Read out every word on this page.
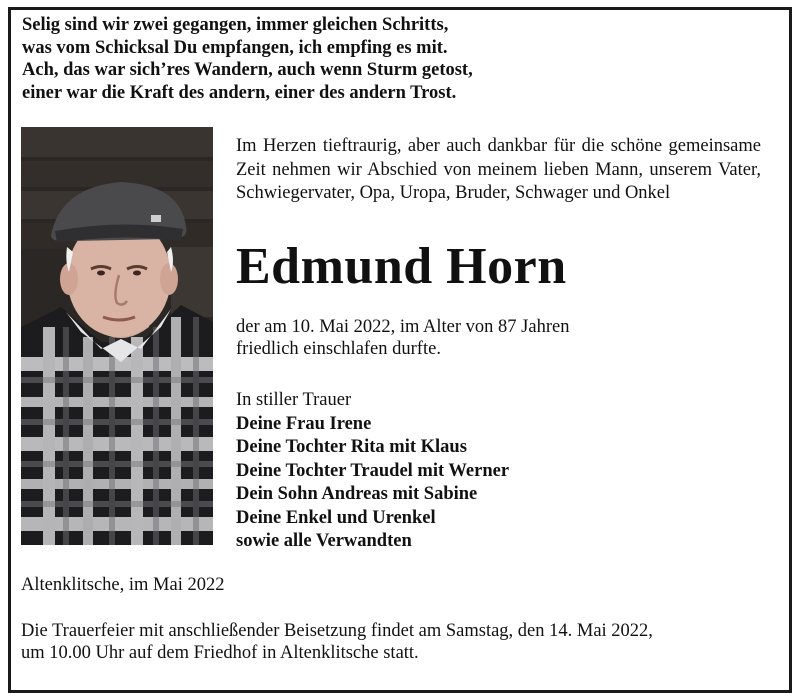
Selig sind wir zwei gegangen, immer gleichen Schritts,
was vom Schicksal Du empfangen, ich empfing es mit.
Ach, das war sich’res Wandern, auch wenn Sturm getost,
einer war die Kraft des andern, einer des andern Trost.
Im Herzen tieftraurig, aber auch dankbar für die schöne gemeinsame Zeit nehmen wir Abschied von meinem lieben Mann, unserem Vater, Schwiegervater, Opa, Uropa, Bruder, Schwager und Onkel
Edmund Horn
der am 10. Mai 2022, im Alter von 87 Jahren
friedlich einschlafen durfte.
In stiller Trauer
Deine Frau Irene
Deine Tochter Rita mit Klaus
Deine Tochter Traudel mit Werner
Dein Sohn Andreas mit Sabine
Deine Enkel und Urenkel
sowie alle Verwandten
Altenklitsche, im Mai 2022
Die Trauerfeier mit anschließender Beisetzung findet am Samstag, den 14. Mai 2022,
um 10.00 Uhr auf dem Friedhof in Altenklitsche statt.
